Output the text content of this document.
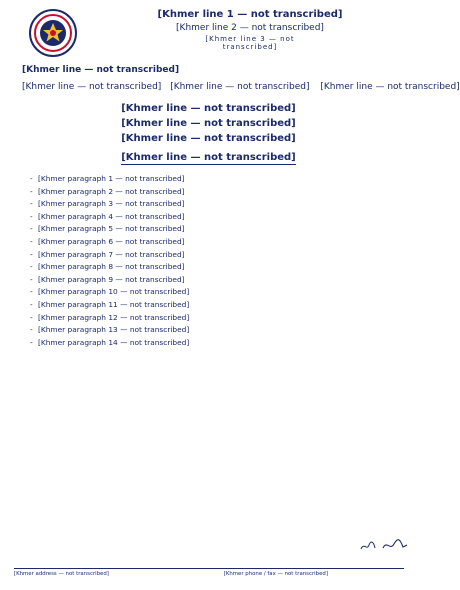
[Khmer line 1 — not transcribed]
[Khmer line 2 — not transcribed]
[Khmer line 3 — not transcribed]
[Khmer line — not transcribed]
[Khmer line — not transcribed] [Khmer line — not transcribed] [Khmer line — not transcribed]
[Khmer line — not transcribed]
[Khmer line — not transcribed]
[Khmer line — not transcribed]
[Khmer line — not transcribed]
- [Khmer paragraph 1 — not transcribed]
- [Khmer paragraph 2 — not transcribed]
- [Khmer paragraph 3 — not transcribed]
- [Khmer paragraph 4 — not transcribed]
- [Khmer paragraph 5 — not transcribed]
- [Khmer paragraph 6 — not transcribed]
- [Khmer paragraph 7 — not transcribed]
- [Khmer paragraph 8 — not transcribed]
- [Khmer paragraph 9 — not transcribed]
- [Khmer paragraph 10 — not transcribed]
- [Khmer paragraph 11 — not transcribed]
- [Khmer paragraph 12 — not transcribed]
- [Khmer paragraph 13 — not transcribed]
- [Khmer paragraph 14 — not transcribed]
[Khmer address — not transcribed]	[Khmer phone / fax — not transcribed]
